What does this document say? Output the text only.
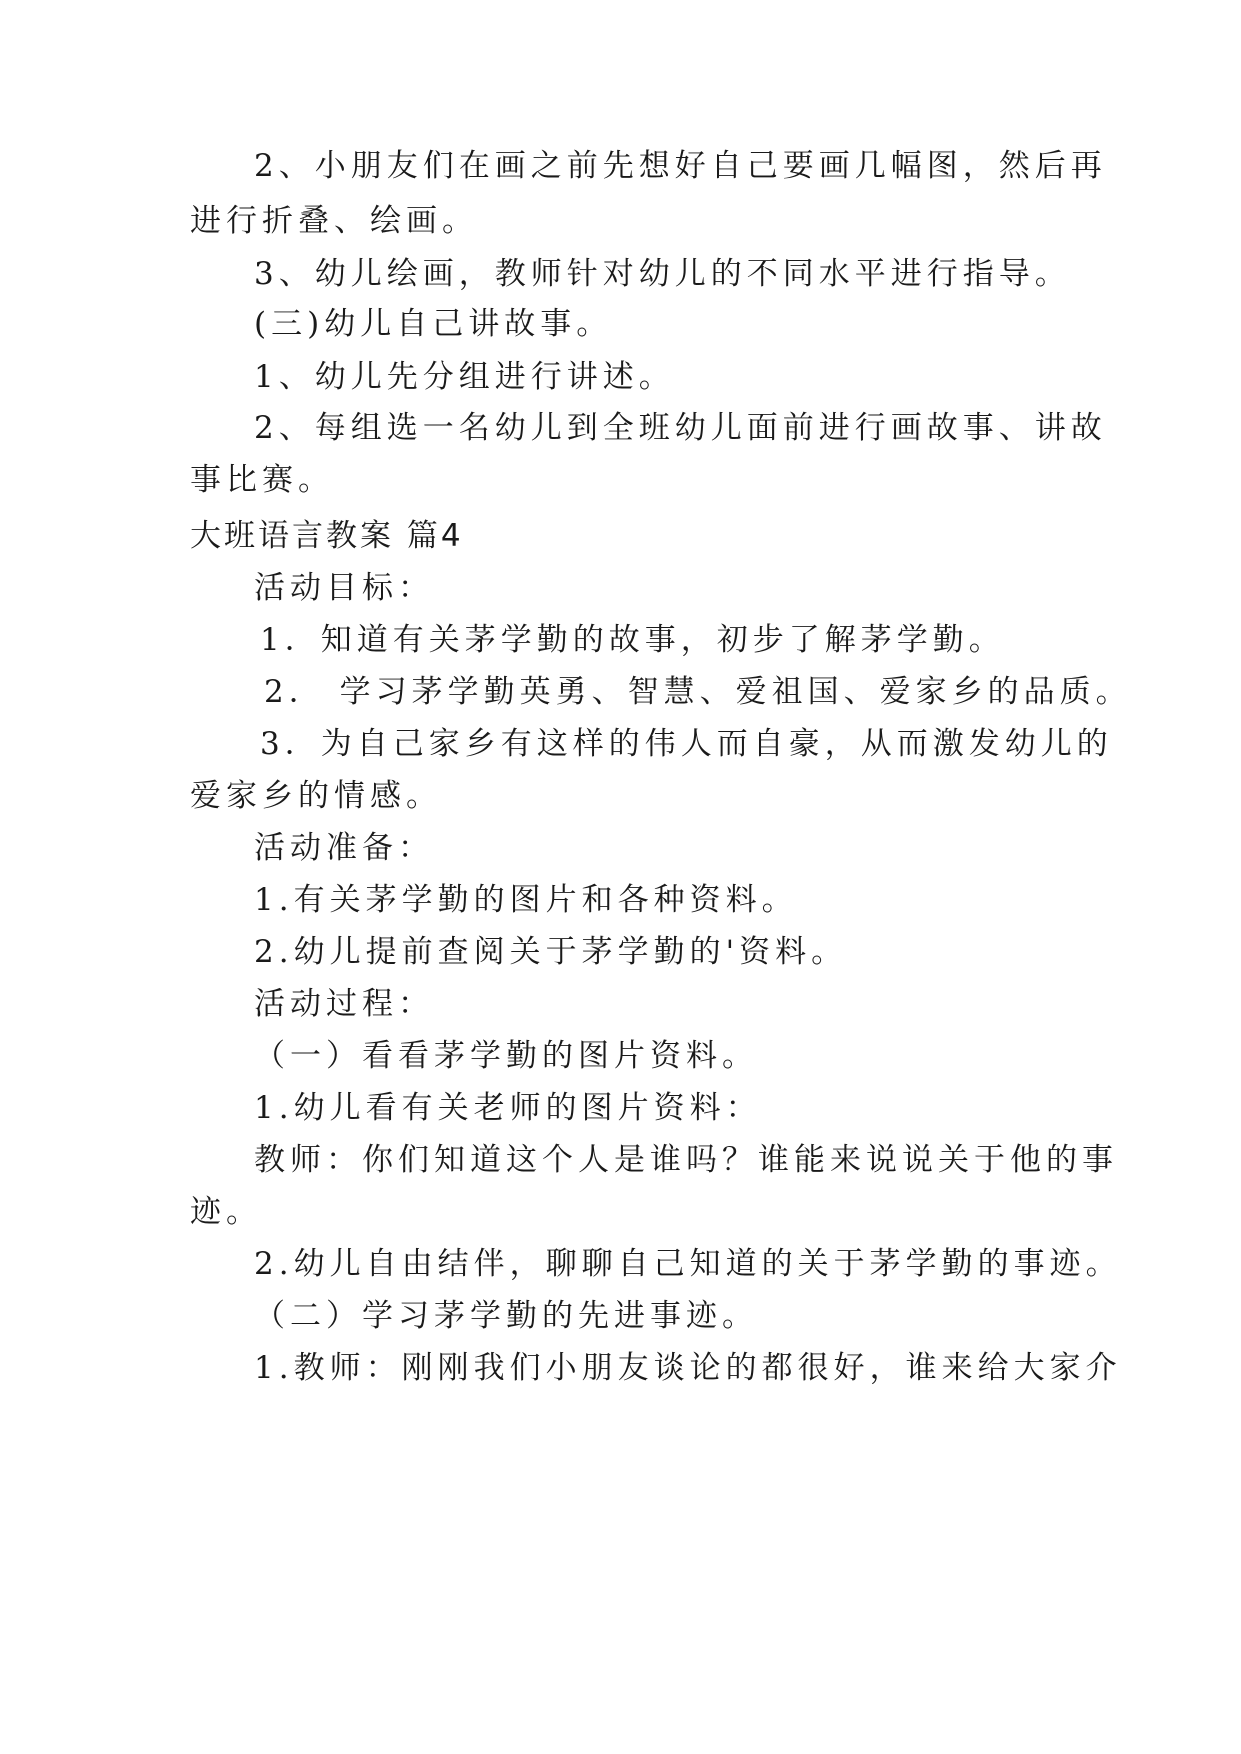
2、小朋友们在画之前先想好自己要画几幅图，然后再

进行折叠、绘画。

3、幼儿绘画，教师针对幼儿的不同水平进行指导。

(三)幼儿自己讲故事。

1、幼儿先分组进行讲述。

2、每组选一名幼儿到全班幼儿面前进行画故事、讲故

事比赛。

大班语言教案 篇4

活动目标：

1．知道有关茅学勤的故事，初步了解茅学勤。

2． 学习茅学勤英勇、智慧、爱祖国、爱家乡的品质。

3．为自己家乡有这样的伟人而自豪，从而激发幼儿的

爱家乡的情感。

活动准备：

1.有关茅学勤的图片和各种资料。

2.幼儿提前查阅关于茅学勤的'资料。

活动过程：

（一）看看茅学勤的图片资料。

1.幼儿看有关老师的图片资料：

教师：你们知道这个人是谁吗？谁能来说说关于他的事

迹。

2.幼儿自由结伴，聊聊自己知道的关于茅学勤的事迹。

（二）学习茅学勤的先进事迹。

1.教师：刚刚我们小朋友谈论的都很好，谁来给大家介
